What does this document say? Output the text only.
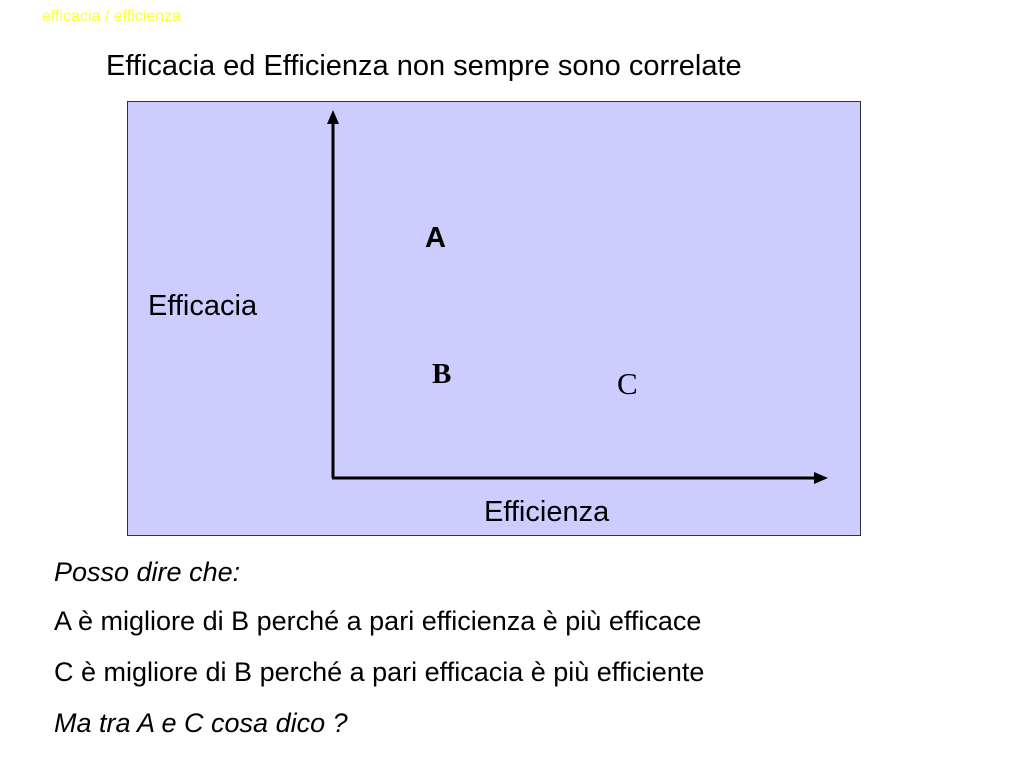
efficacia / efficienza
Efficacia ed Efficienza non sempre sono correlate
Efficacia
Efficienza
A
B	C
Posso dire che:
A è migliore di B perché a pari efficienza è più efficace
C è migliore di B perché a pari efficacia è più efficiente
Ma tra A e C cosa dico ?
